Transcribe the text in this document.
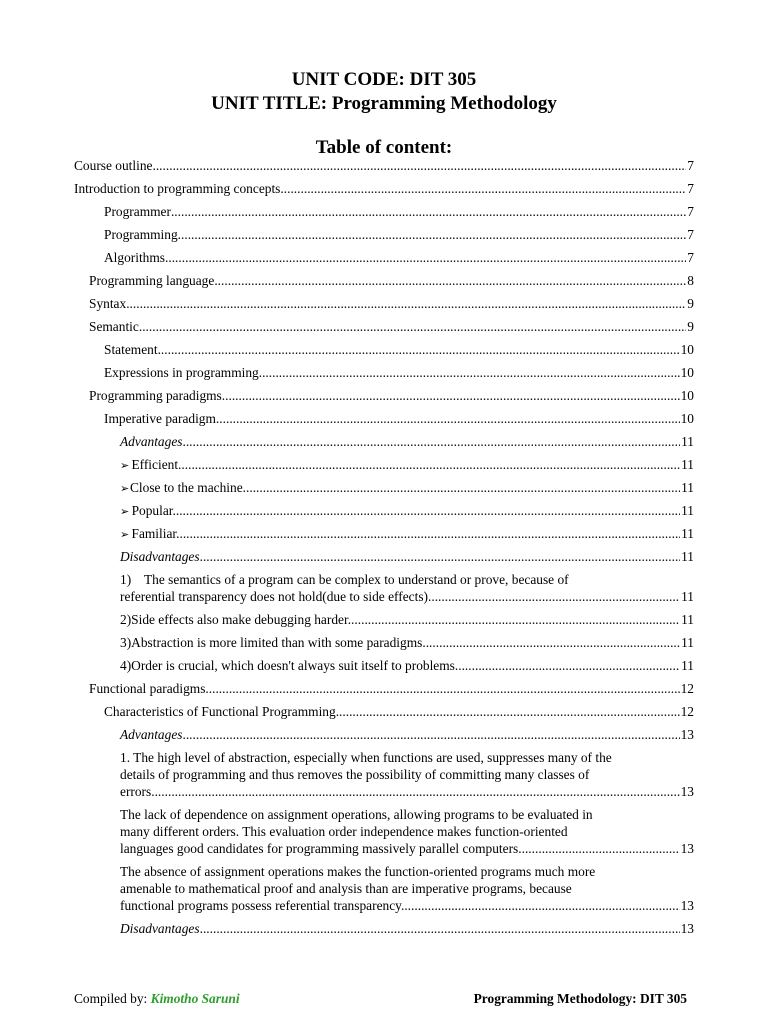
UNIT CODE: DIT 305
UNIT TITLE: Programming Methodology
Table of content:
Course outline .....	7
Introduction to programming concepts .....	7
Programmer .....	7
Programming .....	7
Algorithms .....	7
Programming language. .....	8
Syntax .....	9
Semantic .....	9
Statement .....	10
Expressions in programming .....	10
Programming paradigms .....	10
Imperative paradigm .....	10
Advantages .....	11
➢ Efficient. .....	11
➢ Close to the machine. .....	11
➢ Popular. .....	11
➢ Familiar. .....	11
Disadvantages .....	11
1) The semantics of a program can be complex to understand or prove, because of
referential transparency does not hold(due to side effects). .....	11
2) Side effects also make debugging harder. .....	11
3) Abstraction is more limited than with some paradigms. .....	11
4) Order is crucial, which doesn't always suit itself to problems. .....	11
Functional paradigms .....	12
Characteristics of Functional Programming .....	12
Advantages .....	13
1. The high level of abstraction, especially when functions are used, suppresses many of the
details of programming and thus removes the possibility of committing many classes of
errors. .....	13
The lack of dependence on assignment operations, allowing programs to be evaluated in
many different orders. This evaluation order independence makes function-oriented
languages good candidates for programming massively parallel computers. .....	13
The absence of assignment operations makes the function-oriented programs much more
amenable to mathematical proof and analysis than are imperative programs, because
functional programs possess referential transparency. .....	13
Disadvantages .....	13
Compiled by: Kimotho Saruni	Programming Methodology: DIT 305
